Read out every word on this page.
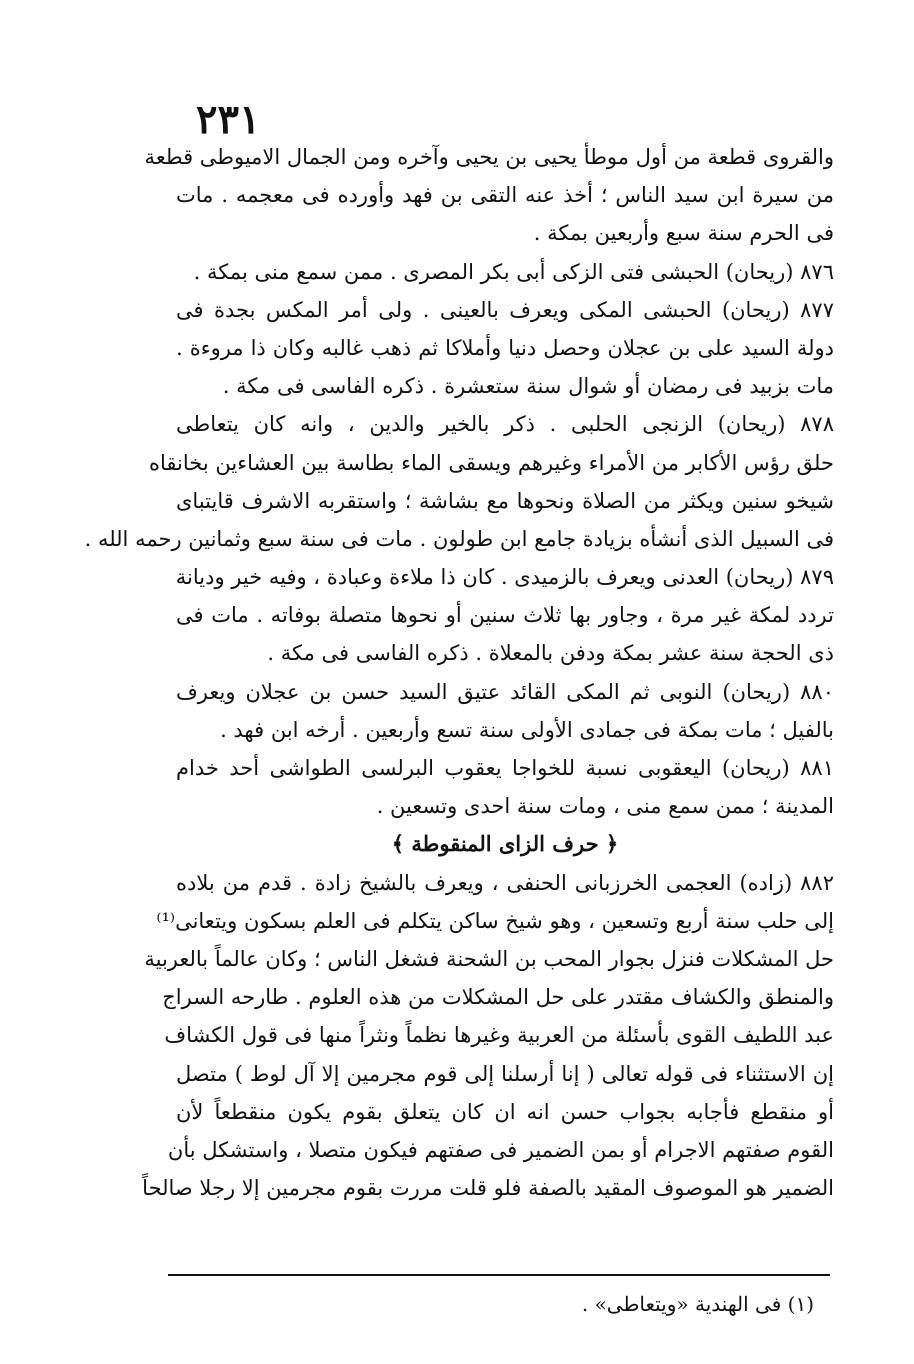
٢٣١
والقروى قطعة من أول موطأ يحيى بن يحيى وآخره ومن الجمال الاميوطى قطعة
من سيرة ابن سيد الناس ؛ أخذ عنه التقى بن فهد وأورده فى معجمه . مات
فى الحرم سنة سبع وأربعين بمكة .
٨٧٦ (ريحان) الحبشى فتى الزكى أبى بكر المصرى . ممن سمع منى بمكة .
٨٧٧ (ريحان) الحبشى المكى ويعرف بالعينى . ولى أمر المكس بجدة فى
دولة السيد على بن عجلان وحصل دنيا وأملاكا ثم ذهب غالبه وكان ذا مروءة .
مات بزبيد فى رمضان أو شوال سنة ستعشرة . ذكره الفاسى فى مكة .
٨٧٨ (ريحان) الزنجى الحلبى . ذكر بالخير والدين ، وانه كان يتعاطى
حلق رؤس الأكابر من الأمراء وغيرهم ويسقى الماء بطاسة بين العشاءين بخانقاه
شيخو سنين ويكثر من الصلاة ونحوها مع بشاشة ؛ واستقربه الاشرف قايتباى
فى السبيل الذى أنشأه بزيادة جامع ابن طولون . مات فى سنة سبع وثمانين رحمه الله .
٨٧٩ (ريحان) العدنى ويعرف بالزميدى . كان ذا ملاءة وعبادة ، وفيه خير وديانة
تردد لمكة غير مرة ، وجاور بها ثلاث سنين أو نحوها متصلة بوفاته . مات فى
ذى الحجة سنة عشر بمكة ودفن بالمعلاة . ذكره الفاسى فى مكة .
٨٨٠ (ريحان) النوبى ثم المكى القائد عتيق السيد حسن بن عجلان ويعرف
بالفيل ؛ مات بمكة فى جمادى الأولى سنة تسع وأربعين . أرخه ابن فهد .
٨٨١ (ريحان) اليعقوبى نسبة للخواجا يعقوب البرلسى الطواشى أحد خدام
المدينة ؛ ممن سمع منى ، ومات سنة احدى وتسعين .
﴿ حرف الزاى المنقوطة ﴾
٨٨٢ (زاده) العجمى الخرزبانى الحنفى ، ويعرف بالشيخ زادة . قدم من بلاده
إلى حلب سنة أربع وتسعين ، وهو شيخ ساكن يتكلم فى العلم بسكون ويتعانى⁽¹⁾
حل المشكلات فنزل بجوار المحب بن الشحنة فشغل الناس ؛ وكان عالماً بالعربية
والمنطق والكشاف مقتدر على حل المشكلات من هذه العلوم . طارحه السراج
عبد اللطيف القوى بأسئلة من العربية وغيرها نظماً ونثراً منها فى قول الكشاف
إن الاستثناء فى قوله تعالى ( إنا أرسلنا إلى قوم مجرمين إلا آل لوط ) متصل
أو منقطع فأجابه بجواب حسن انه ان كان يتعلق بقوم يكون منقطعاً لأن
القوم صفتهم الاجرام أو بمن الضمير فى صفتهم فيكون متصلا ، واستشكل بأن
الضمير هو الموصوف المقيد بالصفة فلو قلت مررت بقوم مجرمين إلا رجلا صالحاً
(١) فى الهندية «ويتعاطى» .
